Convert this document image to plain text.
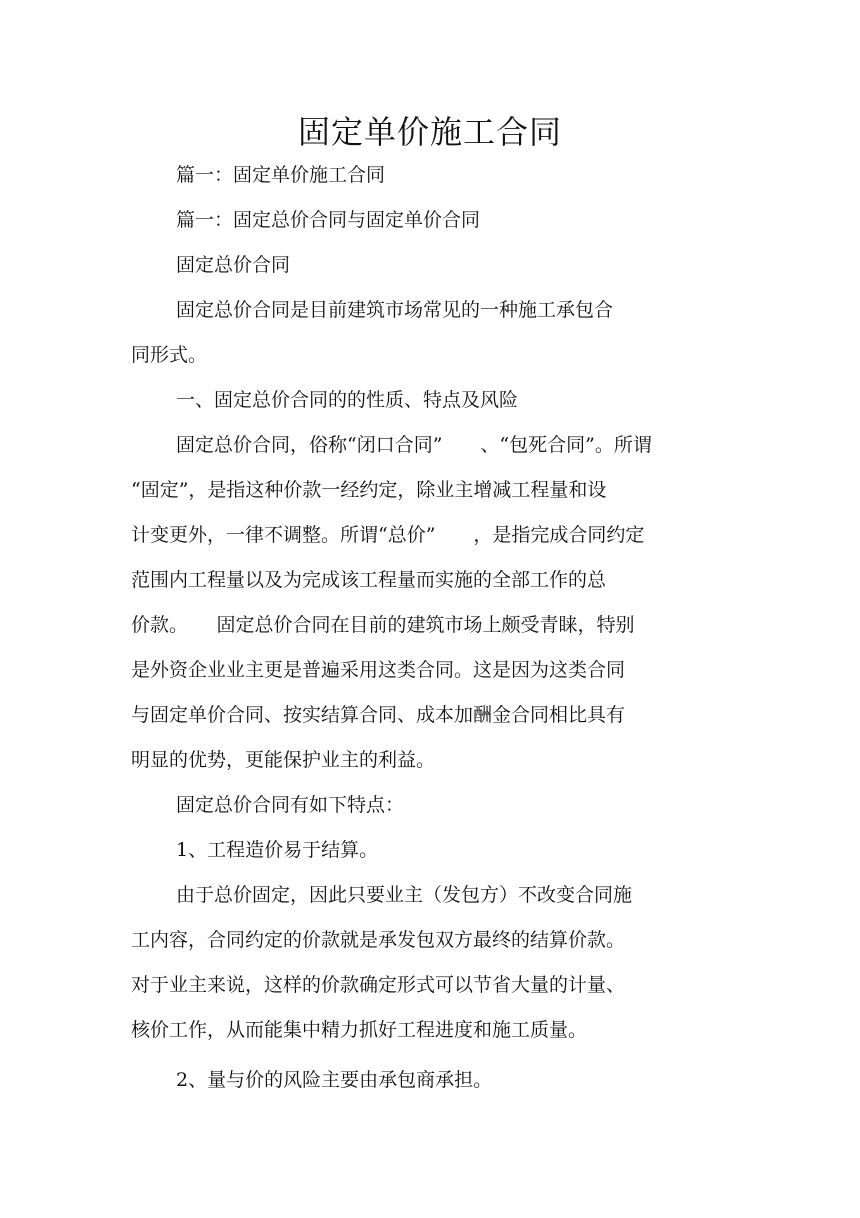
固定单价施工合同
篇一：固定单价施工合同
篇一：固定总价合同与固定单价合同
固定总价合同
固定总价合同是目前建筑市场常见的一种施工承包合
同形式。
一、固定总价合同的的性质、特点及风险
固定总价合同，俗称“闭口合同”　　、“包死合同”。所谓
“固定”，是指这种价款一经约定，除业主增减工程量和设
计变更外，一律不调整。所谓“总价”　　，是指完成合同约定
范围内工程量以及为完成该工程量而实施的全部工作的总
价款。　　固定总价合同在目前的建筑市场上颇受青睐，特别
是外资企业业主更是普遍采用这类合同。这是因为这类合同
与固定单价合同、按实结算合同、成本加酬金合同相比具有
明显的优势，更能保护业主的利益。
固定总价合同有如下特点：
1、工程造价易于结算。
由于总价固定，因此只要业主（发包方）不改变合同施
工内容，合同约定的价款就是承发包双方最终的结算价款。
对于业主来说，这样的价款确定形式可以节省大量的计量、
核价工作，从而能集中精力抓好工程进度和施工质量。
2、量与价的风险主要由承包商承担。
